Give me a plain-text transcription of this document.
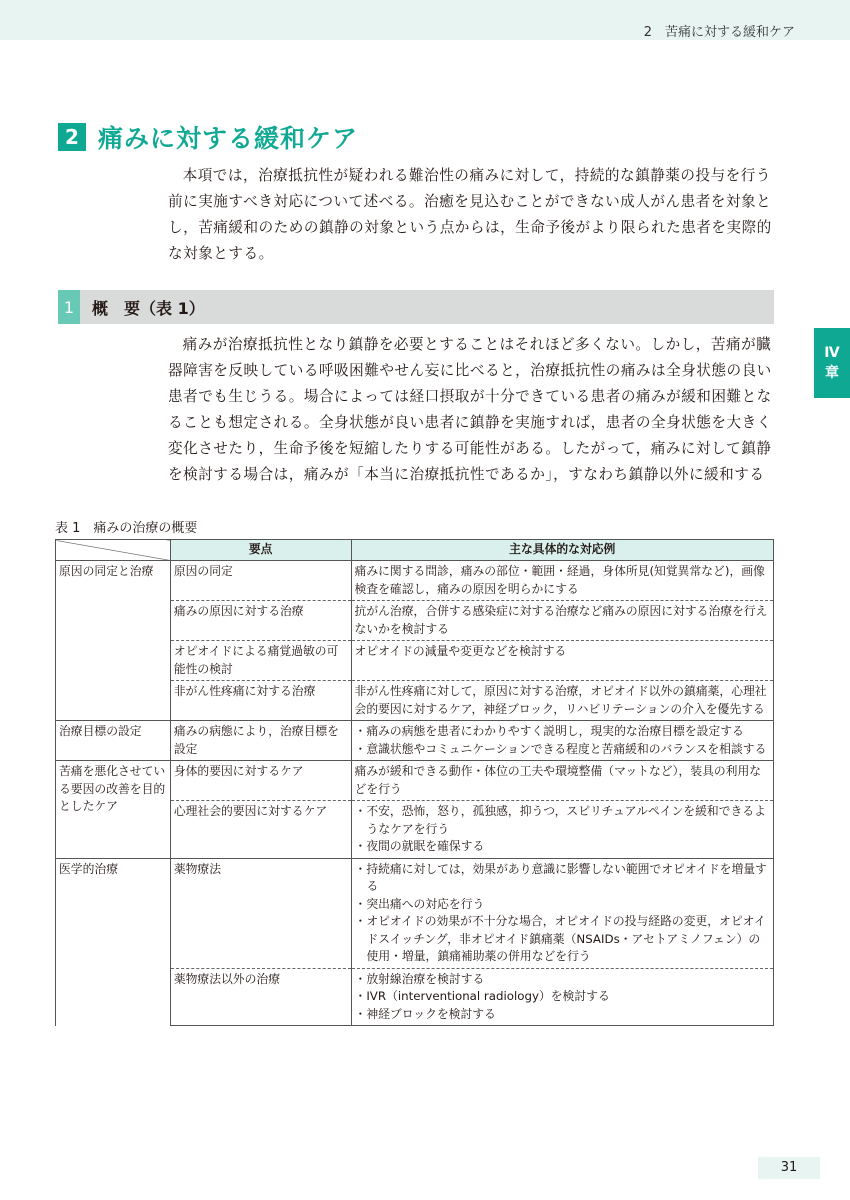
2　苦痛に対する緩和ケア
2 痛みに対する緩和ケア
本項では，治療抵抗性が疑われる難治性の痛みに対して，持続的な鎮静薬の投与を行う
前に実施すべき対応について述べる。治癒を見込むことができない成人がん患者を対象と
し，苦痛緩和のための鎮静の対象という点からは，生命予後がより限られた患者を実際的
な対象とする。
1	概　要（表 1）
Ⅳ
章
痛みが治療抵抗性となり鎮静を必要とすることはそれほど多くない。しかし，苦痛が臓
器障害を反映している呼吸困難やせん妄に比べると，治療抵抗性の痛みは全身状態の良い
患者でも生じうる。場合によっては経口摂取が十分できている患者の痛みが緩和困難とな
ることも想定される。全身状態が良い患者に鎮静を実施すれば，患者の全身状態を大きく
変化させたり，生命予後を短縮したりする可能性がある。したがって，痛みに対して鎮静
を検討する場合は，痛みが「本当に治療抵抗性であるか」，すなわち鎮静以外に緩和する
表 1　痛みの治療の概要
	要点	主な具体的な対応例
原因の同定と治療	原因の同定	痛みに関する問診，痛みの部位・範囲・経過，身体所見(知覚異常など)，画像検査を確認し，痛みの原因を明らかにする
	痛みの原因に対する治療	抗がん治療，合併する感染症に対する治療など痛みの原因に対する治療を行えないかを検討する
	オピオイドによる痛覚過敏の可能性の検討	オピオイドの減量や変更などを検討する
	非がん性疼痛に対する治療	非がん性疼痛に対して，原因に対する治療，オピオイド以外の鎮痛薬，心理社会的要因に対するケア，神経ブロック，リハビリテーションの介入を優先する
治療目標の設定	痛みの病態により，治療目標を設定	・痛みの病態を患者にわかりやすく説明し，現実的な治療目標を設定する
・意識状態やコミュニケーションできる程度と苦痛緩和のバランスを相談する

苦痛を悪化させている要因の改善を目的としたケア	身体的要因に対するケア	痛みが緩和できる動作・体位の工夫や環境整備（マットなど），装具の利用などを行う
	心理社会的要因に対するケア	・不安，恐怖，怒り，孤独感，抑うつ，スピリチュアルペインを緩和できるようなケアを行う
・夜間の就眠を確保する

医学的治療	薬物療法	・持続痛に対しては，効果があり意識に影響しない範囲でオピオイドを増量する
・突出痛への対応を行う
・オピオイドの効果が不十分な場合，オピオイドの投与経路の変更，オピオイドスイッチング，非オピオイド鎮痛薬（NSAIDs・アセトアミノフェン）の使用・増量，鎮痛補助薬の併用などを行う

	薬物療法以外の治療	・放射線治療を検討する
・IVR（interventional radiology）を検討する
・神経ブロックを検討する
31
